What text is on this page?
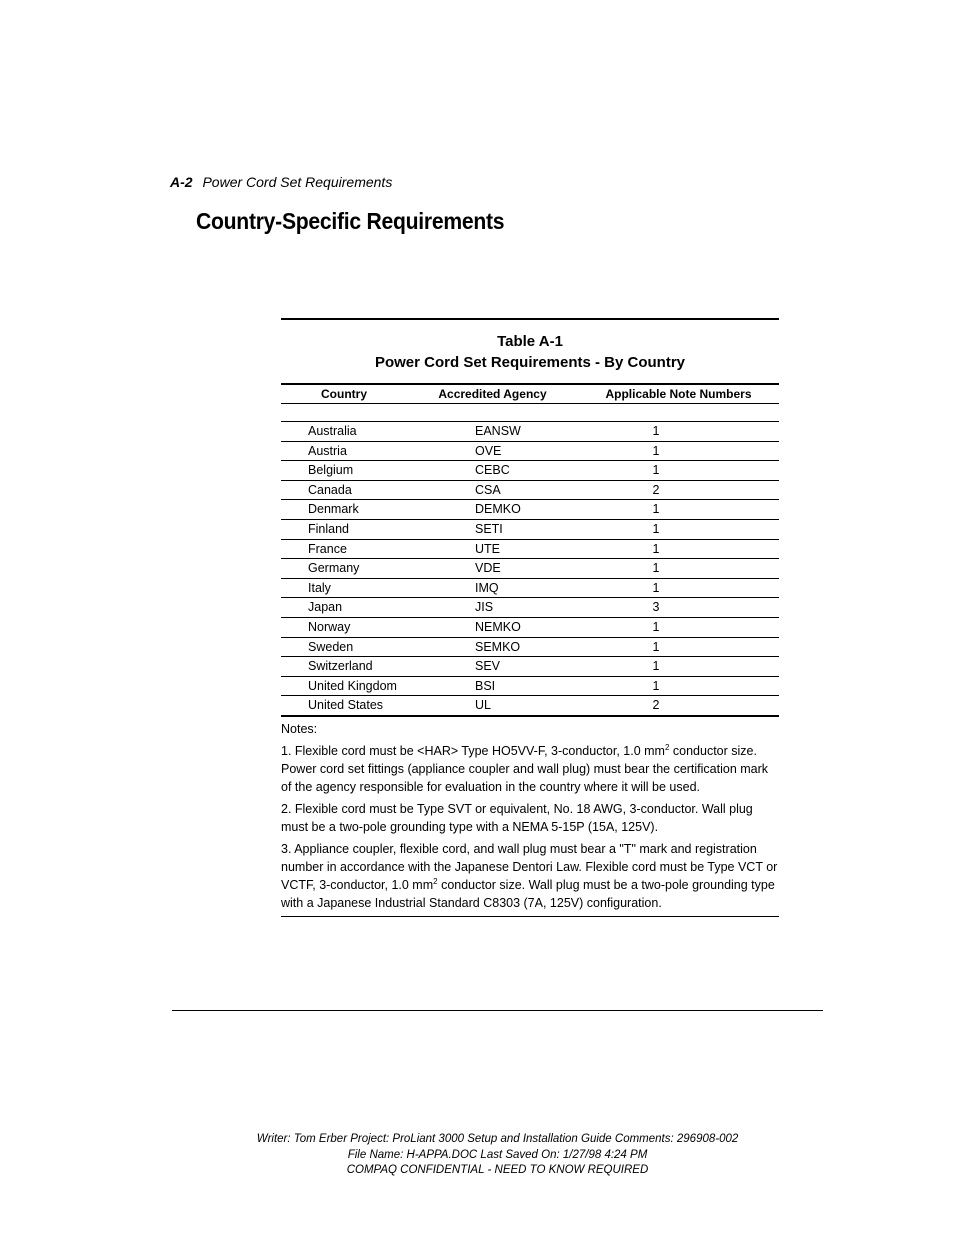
A-2 Power Cord Set Requirements
Country-Specific Requirements
Table A-1
Power Cord Set Requirements - By Country
Country	Accredited Agency	Applicable Note Numbers
Australia	EANSW	1
Austria	OVE	1
Belgium	CEBC	1
Canada	CSA	2
Denmark	DEMKO	1
Finland	SETI	1
France	UTE	1
Germany	VDE	1
Italy	IMQ	1
Japan	JIS	3
Norway	NEMKO	1
Sweden	SEMKO	1
Switzerland	SEV	1
United Kingdom	BSI	1
United States	UL	2

Notes:

1. Flexible cord must be <HAR> Type HO5VV-F, 3-conductor, 1.0 $mm^2$ conductor size. Power cord set fittings (appliance coupler and wall plug) must bear the certification mark of the agency responsible for evaluation in the country where it will be used.

2. Flexible cord must be Type SVT or equivalent, No. 18 AWG, 3-conductor. Wall plug must be a two-pole grounding type with a NEMA 5-15P (15A, 125V).

3. Appliance coupler, flexible cord, and wall plug must bear a "T" mark and registration number in accordance with the Japanese Dentori Law. Flexible cord must be Type VCT or VCTF, 3-conductor, 1.0 $mm^2$ conductor size. Wall plug must be a two-pole grounding type with a Japanese Industrial Standard C8303 (7A, 125V) configuration.

Writer: Tom Erber Project: ProLiant 3000 Setup and Installation Guide Comments: 296908-002
File Name: H-APPA.DOC Last Saved On: 1/27/98 4:24 PM
COMPAQ CONFIDENTIAL - NEED TO KNOW REQUIRED
